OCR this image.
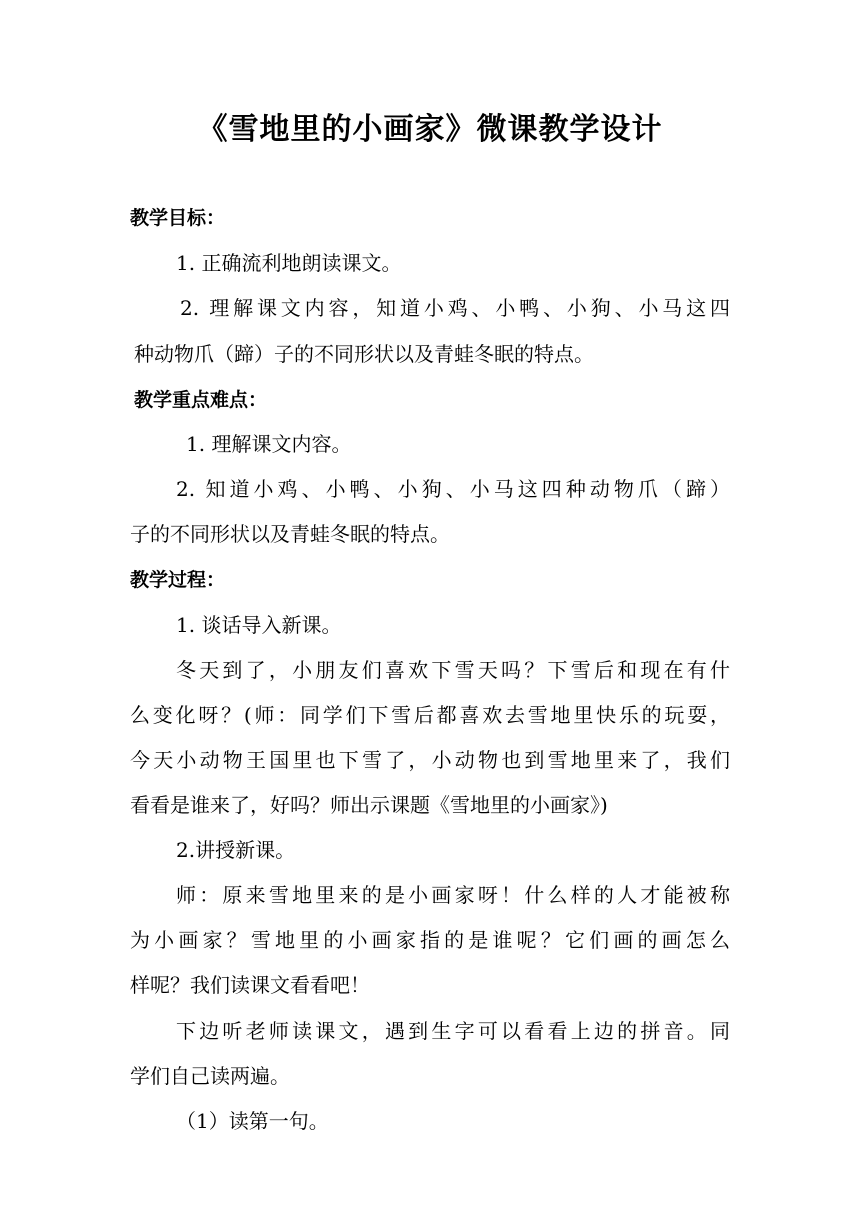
《雪地里的小画家》微课教学设计
教学目标：
1. 正确流利地朗读课文。
2. 理解课文内容，知道小鸡、小鸭、小狗、小马这四
种动物爪（蹄）子的不同形状以及青蛙冬眠的特点。
教学重点难点：
1. 理解课文内容。
2. 知道小鸡、小鸭、小狗、小马这四种动物爪（蹄）
子的不同形状以及青蛙冬眠的特点。
教学过程：
1. 谈话导入新课。
冬天到了，小朋友们喜欢下雪天吗？下雪后和现在有什
么变化呀？(师：同学们下雪后都喜欢去雪地里快乐的玩耍，
今天小动物王国里也下雪了，小动物也到雪地里来了，我们
看看是谁来了，好吗？师出示课题《雪地里的小画家》)
2.讲授新课。
师：原来雪地里来的是小画家呀！什么样的人才能被称
为小画家？雪地里的小画家指的是谁呢？它们画的画怎么
样呢？我们读课文看看吧！
下边听老师读课文，遇到生字可以看看上边的拼音。同
学们自己读两遍。
（1）读第一句。
